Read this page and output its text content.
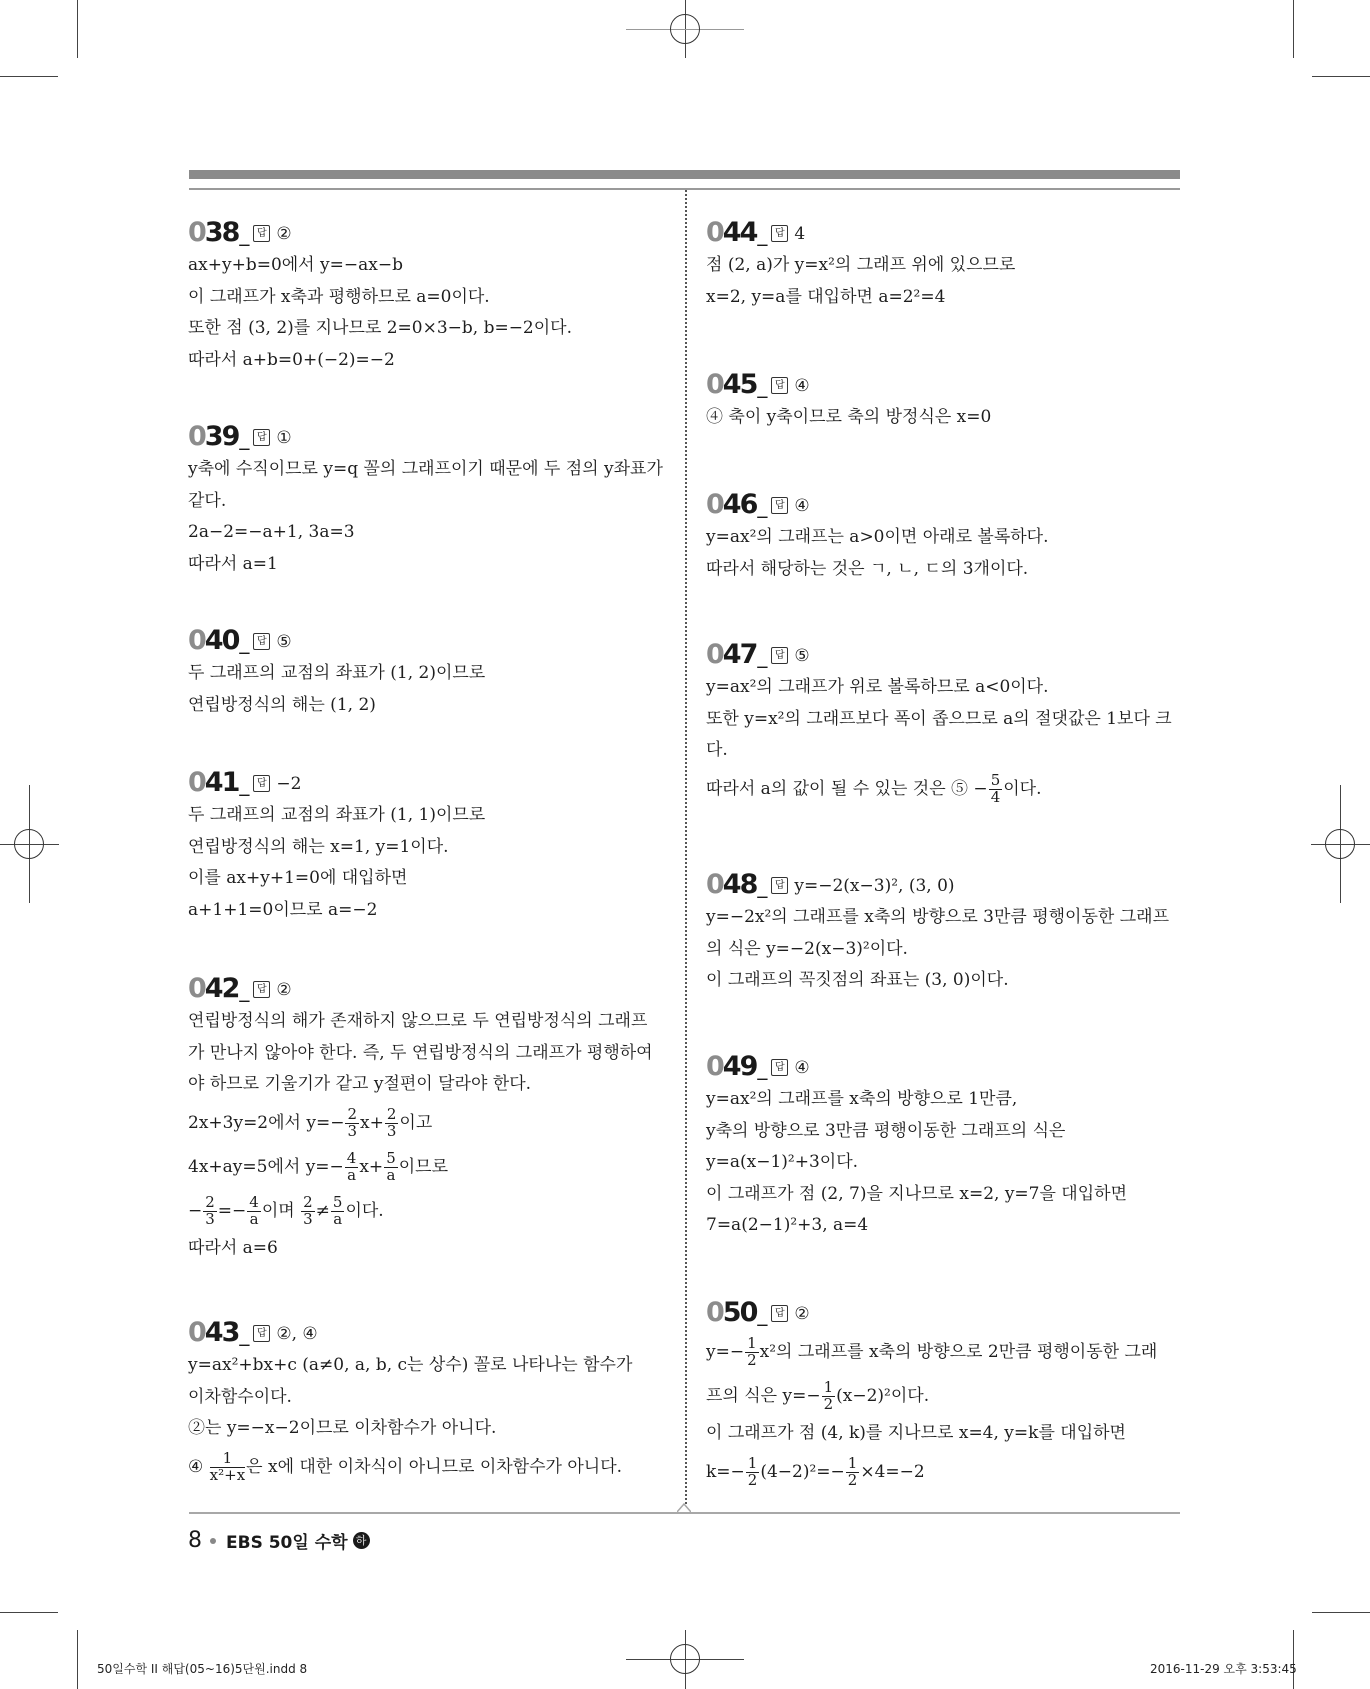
038_ 답 ②
ax+y+b=0에서 y=−ax−b
이 그래프가 x축과 평행하므로 a=0이다.
또한 점 (3, 2)를 지나므로 2=0×3−b, b=−2이다.
따라서 a+b=0+(−2)=−2
039_ 답 ①
y축에 수직이므로 y=q 꼴의 그래프이기 때문에 두 점의 y좌표가
같다.
2a−2=−a+1, 3a=3
따라서 a=1
040_ 답 ⑤
두 그래프의 교점의 좌표가 (1, 2)이므로
연립방정식의 해는 (1, 2)
041_ 답 −2
두 그래프의 교점의 좌표가 (1, 1)이므로
연립방정식의 해는 x=1, y=1이다.
이를 ax+y+1=0에 대입하면
a+1+1=0이므로 a=−2
042_ 답 ②
연립방정식의 해가 존재하지 않으므로 두 연립방정식의 그래프
가 만나지 않아야 한다. 즉, 두 연립방정식의 그래프가 평행하여
야 하므로 기울기가 같고 y절편이 달라야 한다.
2x+3y=2에서 $y=- \frac{2}{3} x+ \frac{2}{3}$ 이고
4x+ay=5에서 $y=- \frac{4}{a} x+ \frac{5}{a}$ 이므로
− $\frac{2}{3} =- \frac{4}{a}$ 이며 $\frac{2}{3} \ne \frac{5}{a}$ 이다.
따라서 a=6
043_ 답 ②, ④
y=ax²+bx+c (a≠0, a, b, c는 상수) 꼴로 나타나는 함수가
이차함수이다.
②는 y=−x−2이므로 이차함수가 아니다.
④ $\frac{1}{\text{x²+x}}$ 은 x에 대한 이차식이 아니므로 이차함수가 아니다.
044_ 답 4
점 (2, a)가 y=x²의 그래프 위에 있으므로
x=2, y=a를 대입하면 a=2²=4
045_ 답 ④
④ 축이 y축이므로 축의 방정식은 x=0
046_ 답 ④
y=ax²의 그래프는 a>0이면 아래로 볼록하다.
따라서 해당하는 것은 ㄱ, ㄴ, ㄷ의 3개이다.
047_ 답 ⑤
y=ax²의 그래프가 위로 볼록하므로 a<0이다.
또한 y=x²의 그래프보다 폭이 좁으므로 a의 절댓값은 1보다 크
다.
따라서 a의 값이 될 수 있는 것은 ⑤ − $\frac{5}{4}$ 이다.
048_ 답 y=−2(x−3)², (3, 0)
y=−2x²의 그래프를 x축의 방향으로 3만큼 평행이동한 그래프
의 식은 y=−2(x−3)²이다.
이 그래프의 꼭짓점의 좌표는 (3, 0)이다.
049_ 답 ④
y=ax²의 그래프를 x축의 방향으로 1만큼,
y축의 방향으로 3만큼 평행이동한 그래프의 식은
y=a(x−1)²+3이다.
이 그래프가 점 (2, 7)을 지나므로 x=2, y=7을 대입하면
7=a(2−1)²+3, a=4
050_ 답 ②
$y=- \frac{1}{2} x^2$의 그래프를 x축의 방향으로 2만큼 평행이동한 그래
프의 식은 $y=- \frac{1}{2} (x-2)^2$이다.
이 그래프가 점 (4, k)를 지나므로 x=4, y=k를 대입하면
$k=- \frac{1}{2} (4-2)^2=- \frac{1}{2} \times 4=-2$
8 EBS 50일 수학 하
50일수학 II 해답(05~16)5단원.indd 8	2016-11-29 오후 3:53:45
